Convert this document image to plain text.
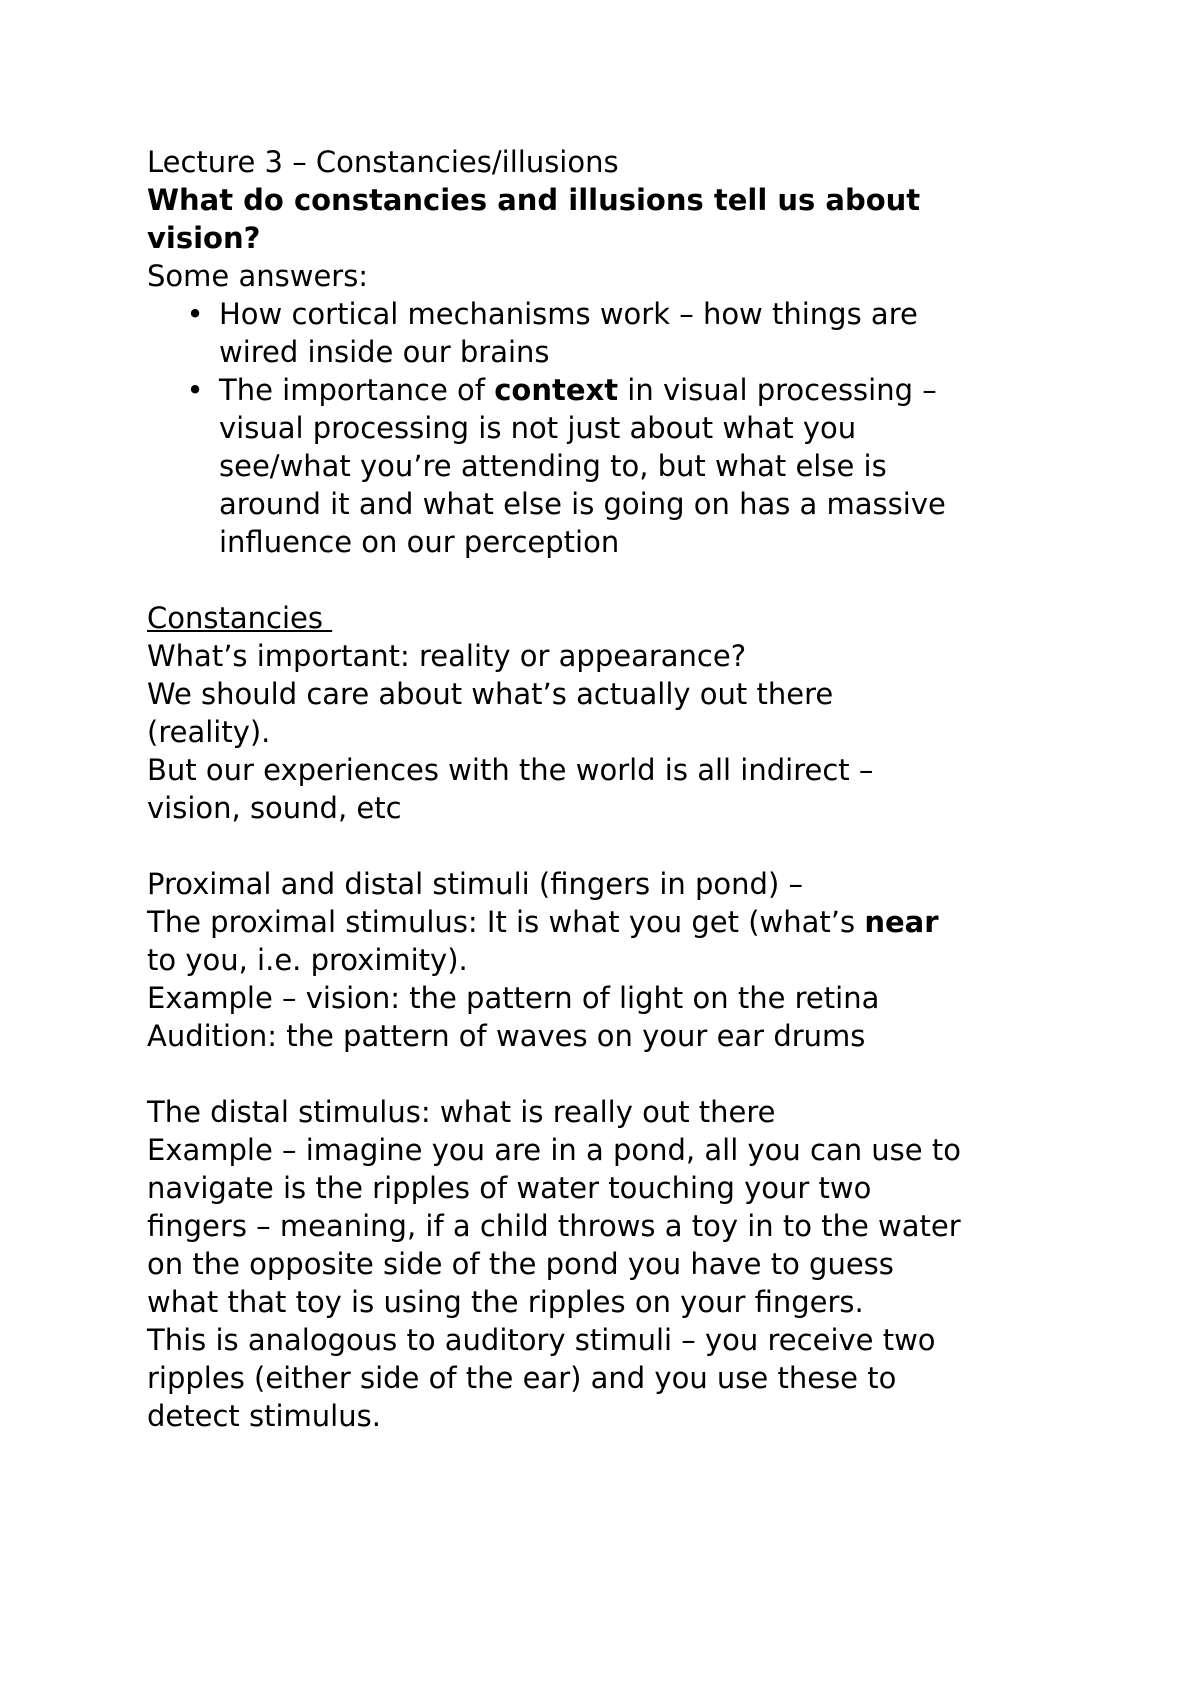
Lecture 3 – Constancies/illusions

What do constancies and illusions tell us about

vision?

Some answers:

• How cortical mechanisms work – how things are

wired inside our brains

• The importance of context in visual processing –

visual processing is not just about what you

see/what you’re attending to, but what else is

around it and what else is going on has a massive

influence on our perception

Constancies

What’s important: reality or appearance?

We should care about what’s actually out there

(reality).

But our experiences with the world is all indirect –

vision, sound, etc

Proximal and distal stimuli (fingers in pond) –

The proximal stimulus: It is what you get (what’s near

to you, i.e. proximity).

Example – vision: the pattern of light on the retina

Audition: the pattern of waves on your ear drums

The distal stimulus: what is really out there

Example – imagine you are in a pond, all you can use to

navigate is the ripples of water touching your two

fingers – meaning, if a child throws a toy in to the water

on the opposite side of the pond you have to guess

what that toy is using the ripples on your fingers.

This is analogous to auditory stimuli – you receive two

ripples (either side of the ear) and you use these to

detect stimulus.
